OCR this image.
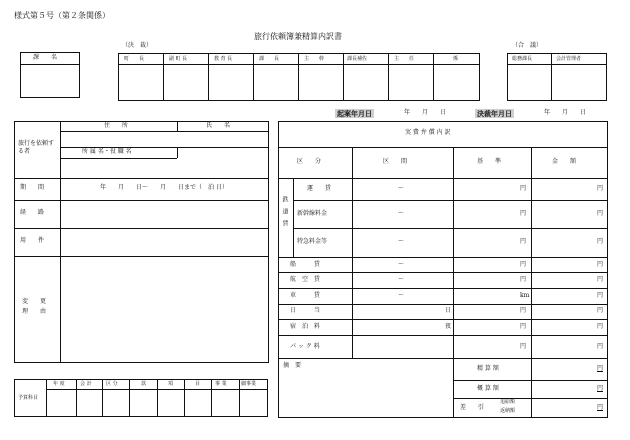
様式第５号（第２条関係）
旅行依頼簿兼精算内訳書
課　　名
（決　裁）
町　　長	副 町 長	教 育 長	課　　長	主　　幹	課長補佐	主　　任	係
（合　議）
総務課長	会計管理者
起案年月日	年　　月　　日	決裁年月日	年　　月　　日
旅行を依頼する者
住　　所	氏　　名
所 属 名・役 職 名
期　　間	年　　月　　日～　　月　　日まで（　泊 日）
経　　路
用　　件
変　　更
理　　由
予算科目
年 度	会 計	区 分	款	項	目	事 業	細事業
実 費 弁 償 内 訳
区　　分	区　　間	基　　準	金　　額
鉄道賃
運　　賃	～	円	円
新幹線料金	～	円	円
特急料金等	～	円	円
船　　　賃	～	円	円
航　空　賃	～	円	円
車　　　賃	～	km	円
日　　　当	日	円	円
宿　泊　料	夜	円	円
パ ッ ク 料	円	円
摘　要	精 算 額	円
概 算 額	円
差　　引
追給額
返納額	円
